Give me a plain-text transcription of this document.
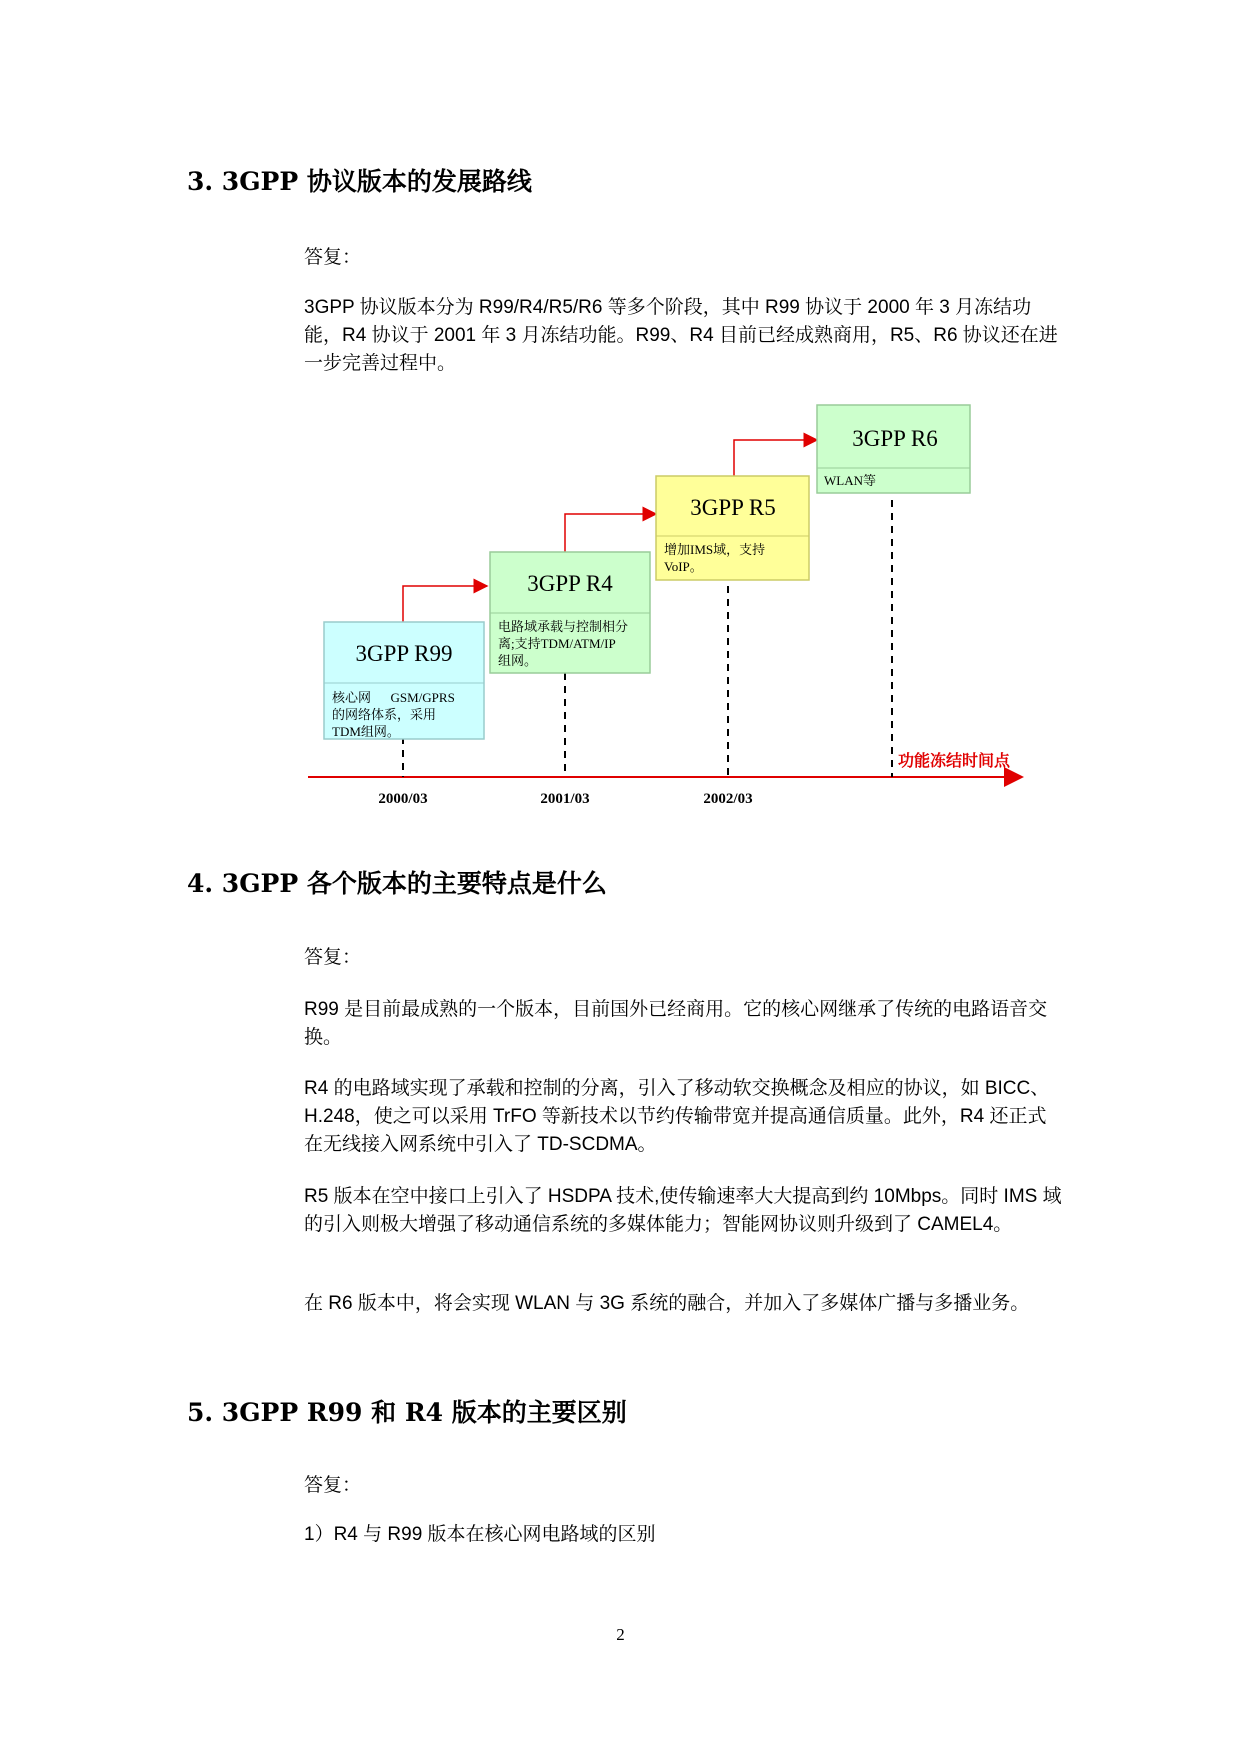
3. 3GPP 协议版本的发展路线

答复：

3GPP 协议版本分为 R99/R4/R5/R6 等多个阶段，其中 R99 协议于 2000 年 3 月冻结功能，R4 协议于 2001 年 3 月冻结功能。R99、R4 目前已经成熟商用，R5、R6 协议还在进一步完善过程中。

3GPP R99
核心网      GSM/GPRS
的网络体系，采用
TDM组网。
3GPP R4
电路域承载与控制相分
离;支持TDM/ATM/IP
组网。
3GPP R5
增加IMS域，支持
VoIP。
3GPP R6
WLAN等
功能冻结时间点
2000/03	2001/03	2002/03
4. 3GPP 各个版本的主要特点是什么

答复：

R99 是目前最成熟的一个版本，目前国外已经商用。它的核心网继承了传统的电路语音交换。

R4 的电路域实现了承载和控制的分离，引入了移动软交换概念及相应的协议，如 BICC、H.248，使之可以采用 TrFO 等新技术以节约传输带宽并提高通信质量。此外，R4 还正式在无线接入网系统中引入了 TD-SCDMA。

R5 版本在空中接口上引入了 HSDPA 技术,使传输速率大大提高到约 10Mbps。同时 IMS 域的引入则极大增强了移动通信系统的多媒体能力；智能网协议则升级到了 CAMEL4。

在 R6 版本中，将会实现 WLAN 与 3G 系统的融合，并加入了多媒体广播与多播业务。

5. 3GPP R99 和 R4 版本的主要区别

答复：

1）R4 与 R99 版本在核心网电路域的区别

2
